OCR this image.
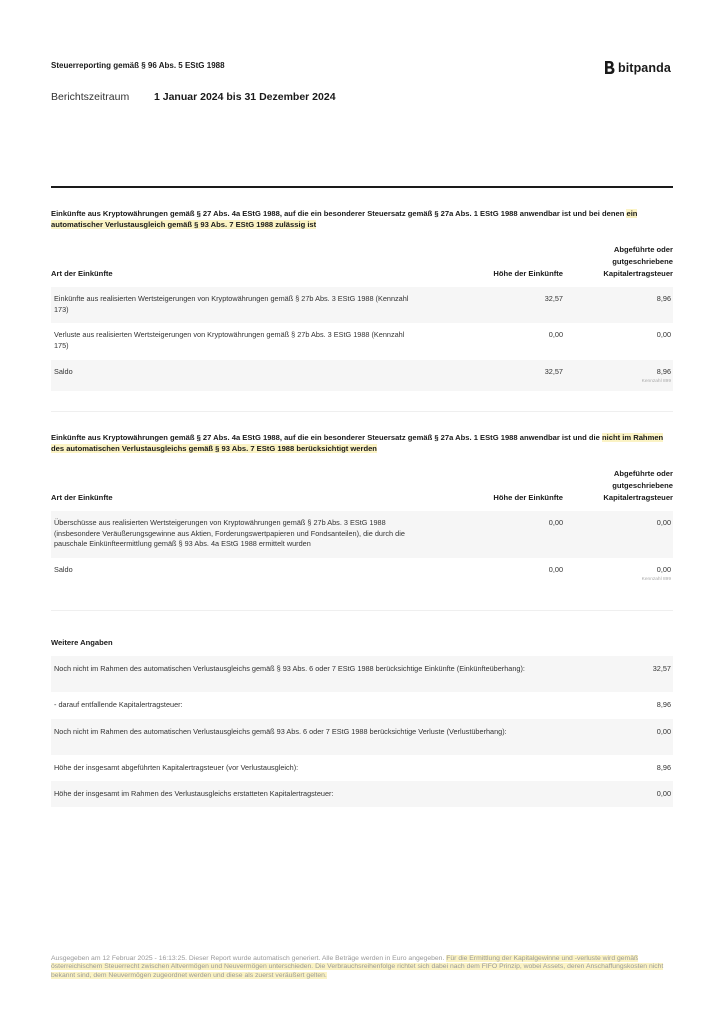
Steuerreporting gemäß § 96 Abs. 5 EStG 1988	bitpanda
Berichtszeitraum	1 Januar 2024 bis 31 Dezember 2024
Einkünfte aus Kryptowährungen gemäß § 27 Abs. 4a EStG 1988, auf die ein besonderer Steuersatz gemäß § 27a Abs. 1 EStG 1988 anwendbar ist und bei denen ein automatischer Verlustausgleich gemäß § 93 Abs. 7 EStG 1988 zulässig ist
Art der Einkünfte	Höhe der Einkünfte
Abgeführte oder gutgeschriebene Kapitalertragsteuer
Einkünfte aus realisierten Wertsteigerungen von Kryptowährungen gemäß § 27b Abs. 3 EStG 1988 (Kennzahl 173)
32,57	8,96
Verluste aus realisierten Wertsteigerungen von Kryptowährungen gemäß § 27b Abs. 3 EStG 1988 (Kennzahl 175)
0,00	0,00
Saldo	32,57	8,96
Kennzahl 899
Einkünfte aus Kryptowährungen gemäß § 27 Abs. 4a EStG 1988, auf die ein besonderer Steuersatz gemäß § 27a Abs. 1 EStG 1988 anwendbar ist und die nicht im Rahmen des automatischen Verlustausgleichs gemäß § 93 Abs. 7 EStG 1988 berücksichtigt werden
Art der Einkünfte	Höhe der Einkünfte
Abgeführte oder gutgeschriebene Kapitalertragsteuer
Überschüsse aus realisierten Wertsteigerungen von Kryptowährungen gemäß § 27b Abs. 3 EStG 1988 (insbesondere Veräußerungsgewinne aus Aktien, Forderungswertpapieren und Fondsanteilen), die durch die pauschale Einkünfteermittlung gemäß § 93 Abs. 4a EStG 1988 ermittelt wurden
0,00	0,00
Saldo	0,00	0,00
Kennzahl 899
Weitere Angaben
Noch nicht im Rahmen des automatischen Verlustausgleichs gemäß § 93 Abs. 6 oder 7 EStG 1988 berücksichtige Einkünfte (Einkünfteüberhang):	32,57
- darauf entfallende Kapitalertragsteuer:	8,96
Noch nicht im Rahmen des automatischen Verlustausgleichs gemäß 93 Abs. 6 oder 7 EStG 1988 berücksichtige Verluste (Verlustüberhang):	0,00
Höhe der insgesamt abgeführten Kapitalertragsteuer (vor Verlustausgleich):	8,96
Höhe der insgesamt im Rahmen des Verlustausgleichs erstatteten Kapitalertragsteuer:	0,00
Ausgegeben am 12 Februar 2025 - 16:13:25. Dieser Report wurde automatisch generiert. Alle Beträge werden in Euro angegeben. Für die Ermittlung der Kapitalgewinne und -verluste wird gemäß österreichischem Steuerrecht zwischen Altvermögen und Neuvermögen unterschieden. Die Verbrauchsreihenfolge richtet sich dabei nach dem FIFO Prinzip, wobei Assets, deren Anschaffungskosten nicht bekannt sind, dem Neuvermögen zugeordnet werden und diese als zuerst veräußert gelten.
